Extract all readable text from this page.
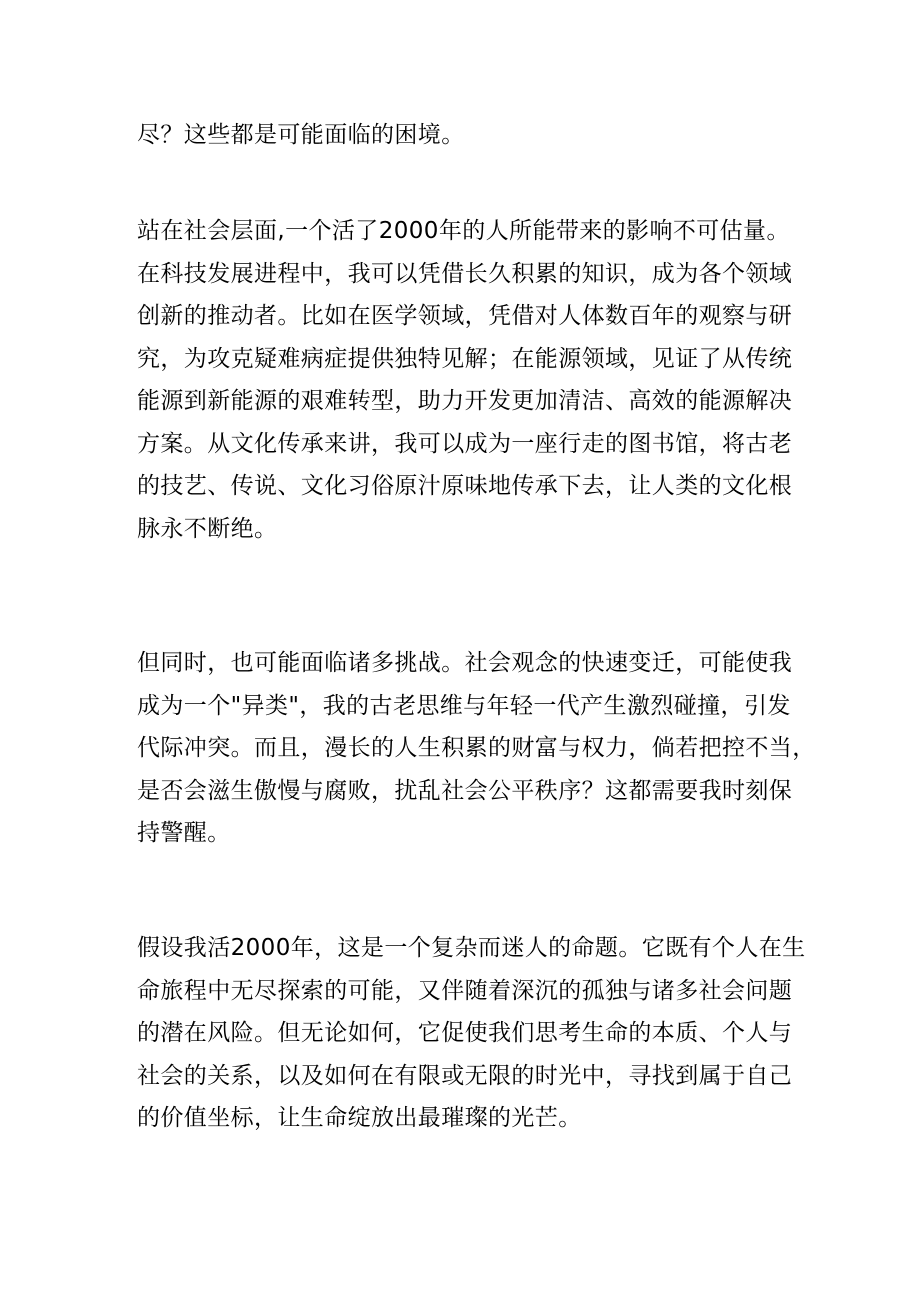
尽？这些都是可能面临的困境。
站在社会层面,一个活了2000年的人所能带来的影响不可估量。
在科技发展进程中，我可以凭借长久积累的知识，成为各个领域
创新的推动者。比如在医学领域，凭借对人体数百年的观察与研
究，为攻克疑难病症提供独特见解；在能源领域，见证了从传统
能源到新能源的艰难转型，助力开发更加清洁、高效的能源解决
方案。从文化传承来讲，我可以成为一座行走的图书馆，将古老
的技艺、传说、文化习俗原汁原味地传承下去，让人类的文化根
脉永不断绝。
但同时，也可能面临诸多挑战。社会观念的快速变迁，可能使我
成为一个"异类"，我的古老思维与年轻一代产生激烈碰撞，引发
代际冲突。而且，漫长的人生积累的财富与权力，倘若把控不当，
是否会滋生傲慢与腐败，扰乱社会公平秩序？这都需要我时刻保
持警醒。
假设我活2000年，这是一个复杂而迷人的命题。它既有个人在生
命旅程中无尽探索的可能，又伴随着深沉的孤独与诸多社会问题
的潜在风险。但无论如何，它促使我们思考生命的本质、个人与
社会的关系，以及如何在有限或无限的时光中，寻找到属于自己
的价值坐标，让生命绽放出最璀璨的光芒。
